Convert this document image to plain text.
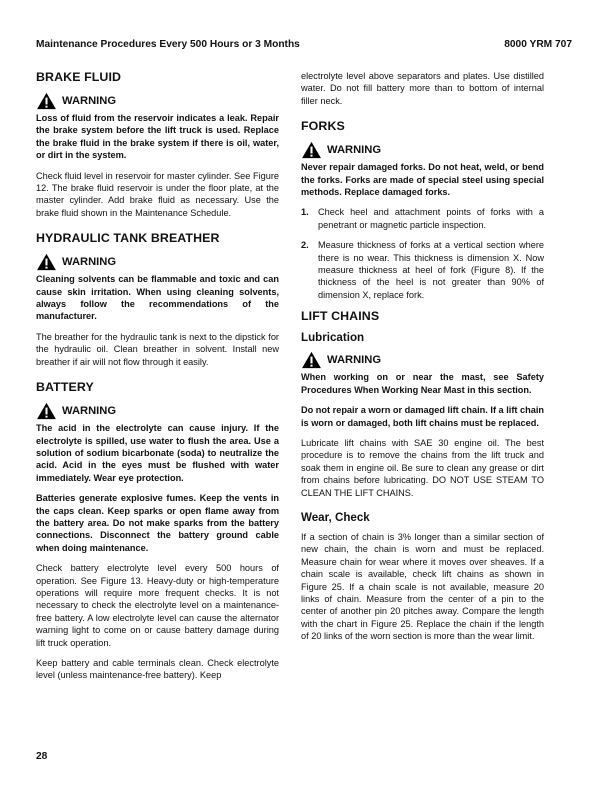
Maintenance Procedures Every 500 Hours or 3 Months	8000 YRM 707
BRAKE FLUID
WARNING

Loss of fluid from the reservoir indicates a leak. Repair the brake system before the lift truck is used. Replace the brake fluid in the brake system if there is oil, water, or dirt in the system.

Check fluid level in reservoir for master cylinder. See Figure 12. The brake fluid reservoir is under the floor plate, at the master cylinder. Add brake fluid as necessary. Use the brake fluid shown in the Maintenance Schedule.

HYDRAULIC TANK BREATHER
WARNING

Cleaning solvents can be flammable and toxic and can cause skin irritation. When using cleaning solvents, always follow the recommendations of the manufacturer.

The breather for the hydraulic tank is next to the dipstick for the hydraulic oil. Clean breather in solvent. Install new breather if air will not flow through it easily.

BATTERY
WARNING

The acid in the electrolyte can cause injury. If the electrolyte is spilled, use water to flush the area. Use a solution of sodium bicarbonate (soda) to neutralize the acid. Acid in the eyes must be flushed with water immediately. Wear eye protection.

Batteries generate explosive fumes. Keep the vents in the caps clean. Keep sparks or open flame away from the battery area. Do not make sparks from the battery connections. Disconnect the battery ground cable when doing maintenance.

Check battery electrolyte level every 500 hours of operation. See Figure 13. Heavy-duty or high-temperature operations will require more frequent checks. It is not necessary to check the electrolyte level on a maintenance-free battery. A low electrolyte level can cause the alternator warning light to come on or cause battery damage during lift truck operation.

Keep battery and cable terminals clean. Check electrolyte level (unless maintenance-free battery). Keep

electrolyte level above separators and plates. Use distilled water. Do not fill battery more than to bottom of internal filler neck.

FORKS
WARNING

Never repair damaged forks. Do not heat, weld, or bend the forks. Forks are made of special steel using special methods. Replace damaged forks.

1.	Check heel and attachment points of forks with a penetrant or magnetic particle inspection.
2.	Measure thickness of forks at a vertical section where there is no wear. This thickness is dimension X. Now measure thickness at heel of fork (Figure 8). If the thickness of the heel is not greater than 90% of dimension X, replace fork.
LIFT CHAINS
Lubrication
WARNING

When working on or near the mast, see Safety Procedures When Working Near Mast in this section.

Do not repair a worn or damaged lift chain. If a lift chain is worn or damaged, both lift chains must be replaced.

Lubricate lift chains with SAE 30 engine oil. The best procedure is to remove the chains from the lift truck and soak them in engine oil. Be sure to clean any grease or dirt from chains before lubricating. DO NOT USE STEAM TO CLEAN THE LIFT CHAINS.

Wear, Check

If a section of chain is 3% longer than a similar section of new chain, the chain is worn and must be replaced. Measure chain for wear where it moves over sheaves. If a chain scale is available, check lift chains as shown in Figure 25. If a chain scale is not available, measure 20 links of chain. Measure from the center of a pin to the center of another pin 20 pitches away. Compare the length with the chart in Figure 25. Replace the chain if the length of 20 links of the worn section is more than the wear limit.

28
